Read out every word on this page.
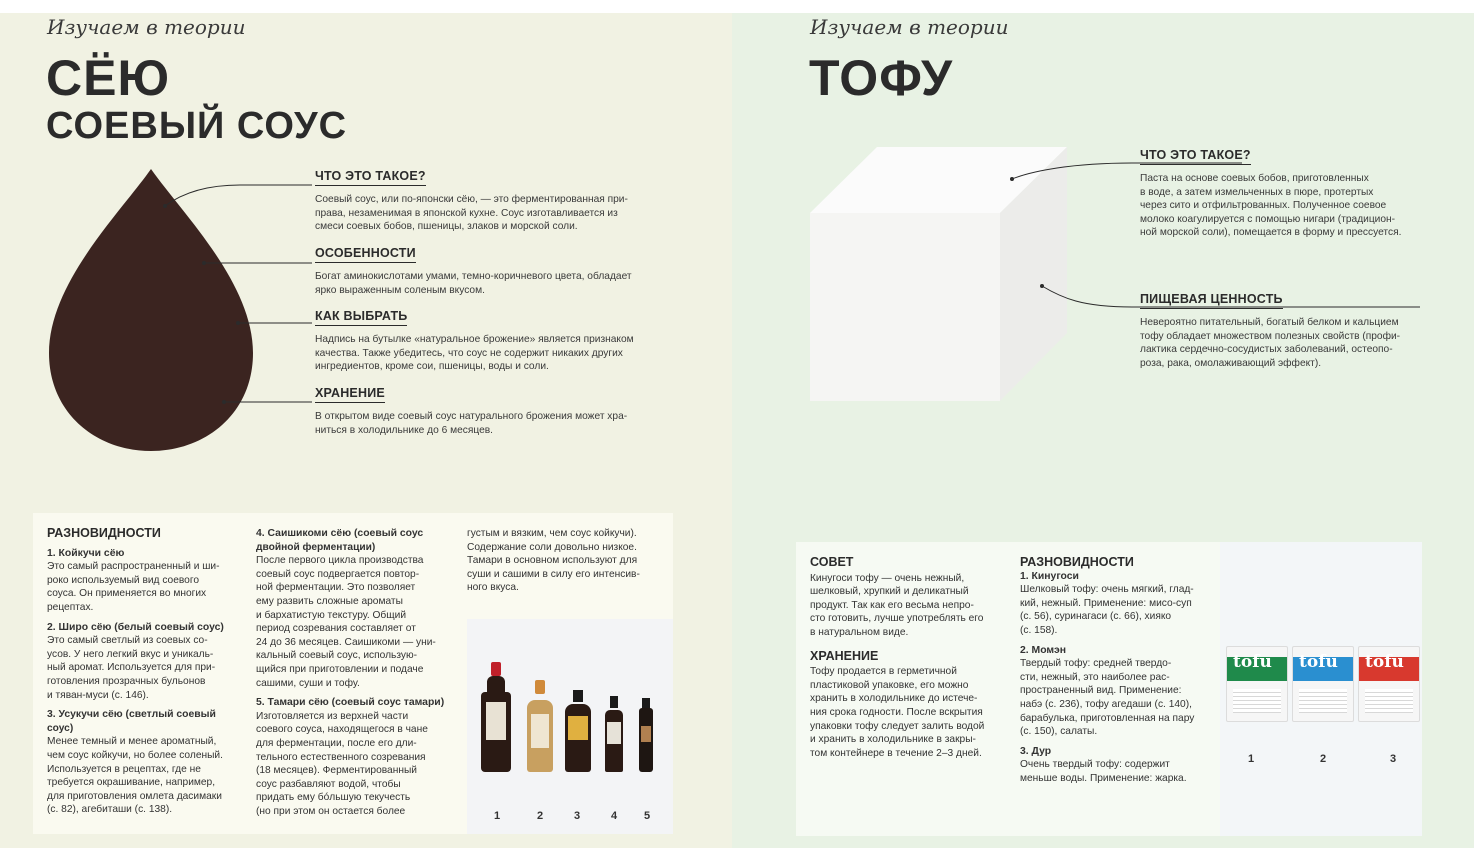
Изучаем в теории
СЁЮ
СОЕВЫЙ СОУС
ЧТО ЭТО ТАКОЕ?
Соевый соус, или по-японски сёю, — это ферментированная при-
права, незаменимая в японской кухне. Соус изготавливается из
смеси соевых бобов, пшеницы, злаков и морской соли.
ОСОБЕННОСТИ
Богат аминокислотами умами, темно-коричневого цвета, обладает
ярко выраженным соленым вкусом.
КАК ВЫБРАТЬ
Надпись на бутылке «натуральное брожение» является признаком
качества. Также убедитесь, что соус не содержит никаких других
ингредиентов, кроме сои, пшеницы, воды и соли.
ХРАНЕНИЕ
В открытом виде соевый соус натурального брожения может хра-
ниться в холодильнике до 6 месяцев.
РАЗНОВИДНОСТИ
1. Койкучи сёю
Это самый распространенный и ши-
роко используемый вид соевого
соуса. Он применяется во многих
рецептах.
2. Широ сёю (белый соевый соус)
Это самый светлый из соевых со-
усов. У него легкий вкус и уникаль-
ный аромат. Используется для при-
готовления прозрачных бульонов
и тяван-муси (с. 146).
3. Усукучи сёю (светлый соевый
соус)
Менее темный и менее ароматный,
чем соус койкучи, но более соленый.
Используется в рецептах, где не
требуется окрашивание, например,
для приготовления омлета дасимаки
(с. 82), агебиташи (с. 138).
4. Саишикоми сёю (соевый соус
двойной ферментации)
После первого цикла производства
соевый соус подвергается повтор-
ной ферментации. Это позволяет
ему развить сложные ароматы
и бархатистую текстуру. Общий
период созревания составляет от
24 до 36 месяцев. Саишикоми — уни-
кальный соевый соус, использую-
щийся при приготовлении и подаче
сашими, суши и тофу.
5. Тамари сёю (соевый соус тамари)
Изготовляется из верхней части
соевого соуса, находящегося в чане
для ферментации, после его дли-
тельного естественного созревания
(18 месяцев). Ферментированный
соус разбавляют водой, чтобы
придать ему бóльшую текучесть
(но при этом он остается более
густым и вязким, чем соус койкучи).
Содержание соли довольно низкое.
Тамари в основном используют для
суши и сашими в силу его интенсив-
ного вкуса.
1	2	3	4 5
Изучаем в теории
ТОФУ
ЧТО ЭТО ТАКОЕ?
Паста на основе соевых бобов, приготовленных
в воде, а затем измельченных в пюре, протертых
через сито и отфильтрованных. Полученное соевое
молоко коагулируется с помощью нигари (традицион-
ной морской соли), помещается в форму и прессуется.
ПИЩЕВАЯ ЦЕННОСТЬ
Невероятно питательный, богатый белком и кальцием
тофу обладает множеством полезных свойств (профи-
лактика сердечно-сосудистых заболеваний, остеопо-
роза, рака, омолаживающий эффект).
СОВЕТ
Кинугоси тофу — очень нежный,
шелковый, хрупкий и деликатный
продукт. Так как его весьма непро-
сто готовить, лучше употреблять его
в натуральном виде.
ХРАНЕНИЕ
Тофу продается в герметичной
пластиковой упаковке, его можно
хранить в холодильнике до истече-
ния срока годности. После вскрытия
упаковки тофу следует залить водой
и хранить в холодильнике в закры-
том контейнере в течение 2–3 дней.
РАЗНОВИДНОСТИ
1. Кинугоси
Шелковый тофу: очень мягкий, глад-
кий, нежный. Применение: мисо-суп
(с. 56), суринагаси (с. 66), хияко
(с. 158).
2. Момэн
Твердый тофу: средней твердо-
сти, нежный, это наиболее рас-
пространенный вид. Применение:
набэ (с. 236), тофу агедаши (с. 140),
барабулька, приготовленная на пару
(с. 150), салаты.
3. Дур
Очень твердый тофу: содержит
меньше воды. Применение: жарка.
tofu tofu tofu
1	2	3
